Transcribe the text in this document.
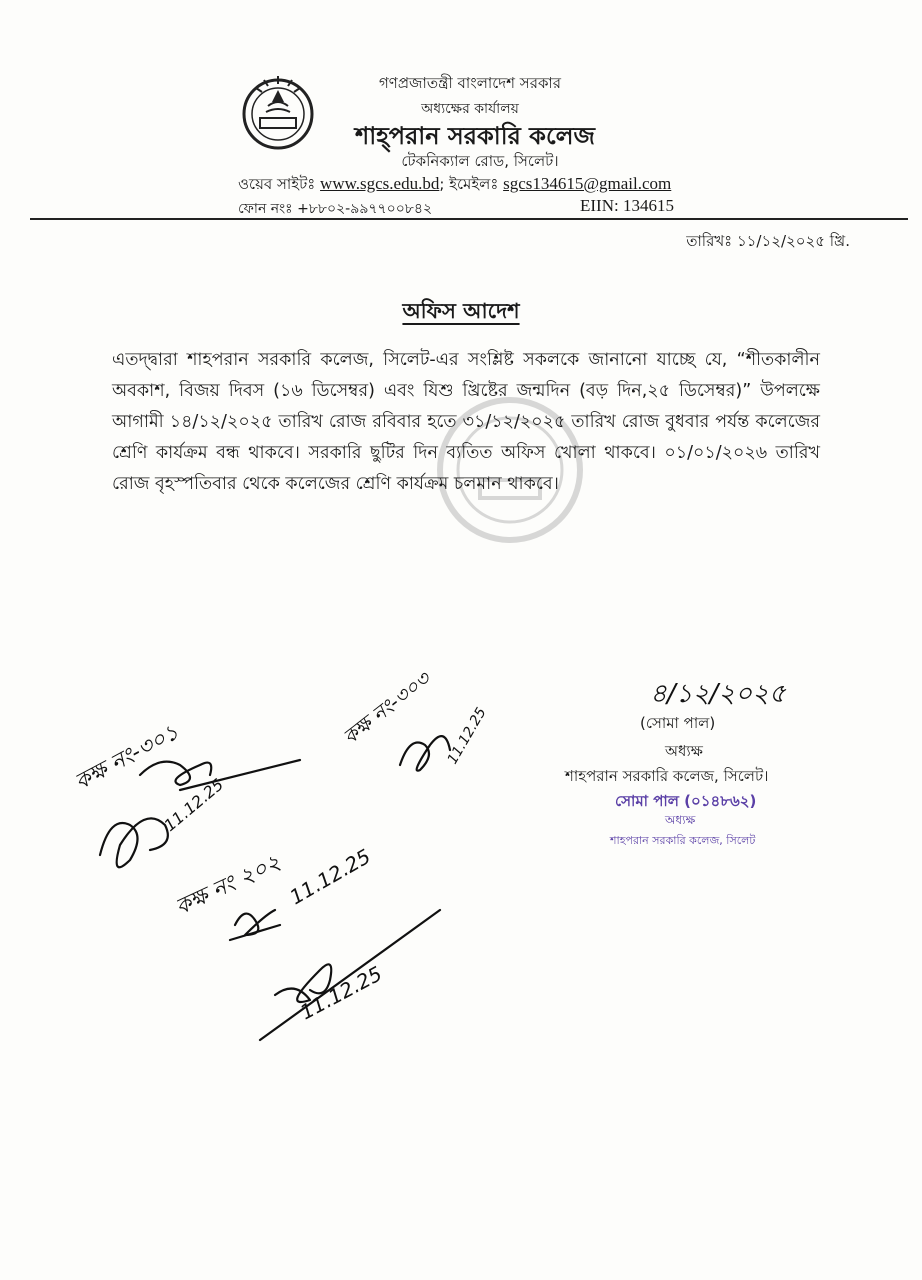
গণপ্রজাতন্ত্রী বাংলাদেশ সরকার
অধ্যক্ষের কার্যালয়
শাহ্‌পরান সরকারি কলেজ
টেকনিক্যাল রোড, সিলেট।
ওয়েব সাইটঃ www.sgcs.edu.bd; ইমেইলঃ sgcs134615@gmail.com
ফোন নংঃ +৮৮০২-৯৯৭৭০০৮৪২	EIIN: 134615
তারিখঃ ১১/১২/২০২৫ খ্রি.
অফিস আদেশ
এতদ্দ্বারা শাহপরান সরকারি কলেজ, সিলেট-এর সংশ্লিষ্ট সকলকে জানানো যাচ্ছে যে, “শীতকালীন অবকাশ, বিজয় দিবস (১৬ ডিসেম্বর) এবং যিশু খ্রিষ্টের জন্মদিন (বড় দিন,২৫ ডিসেম্বর)” উপলক্ষে আগামী ১৪/১২/২০২৫ তারিখ রোজ রবিবার হতে ৩১/১২/২০২৫ তারিখ রোজ বুধবার পর্যন্ত কলেজের শ্রেণি কার্যক্রম বন্ধ থাকবে। সরকারি ছুটির দিন ব্যতিত অফিস খোলা থাকবে। ০১/০১/২০২৬ তারিখ রোজ বৃহস্পতিবার থেকে কলেজের শ্রেণি কার্যক্রম চলমান থাকবে।
৪/১২/২০২৫
(সোমা পাল)
অধ্যক্ষ
শাহপরান সরকারি কলেজ, সিলেট।
সোমা পাল (০১৪৮৬২)
অধ্যক্ষ
শাহপরান সরকারি কলেজ, সিলেট
কক্ষ নং-৩০১
11.12.25
কক্ষ নং-৩০৩ 11.12.25
কক্ষ নং ২০২ 11.12.25
11.12.25
